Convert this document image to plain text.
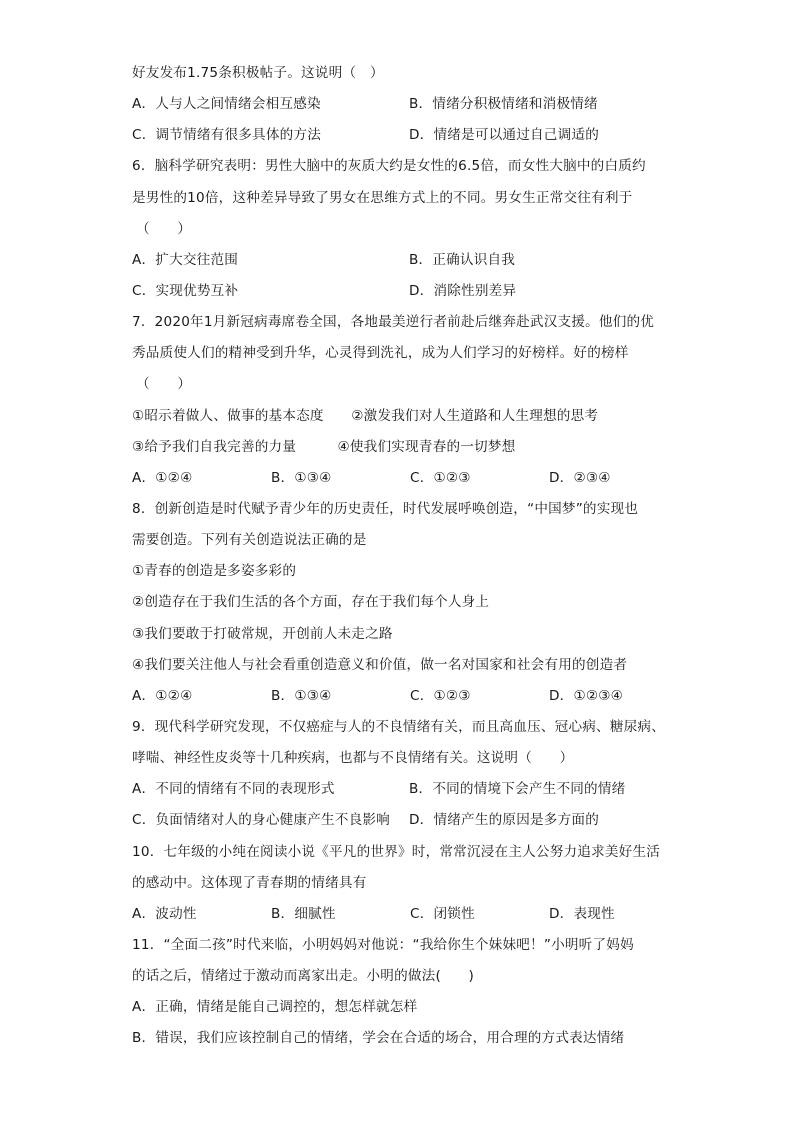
好友发布1.75条积极帖子。这说明（　）
A．人与人之间情绪会相互感染	B．情绪分积极情绪和消极情绪
C．调节情绪有很多具体的方法	D．情绪是可以通过自己调适的
6．脑科学研究表明：男性大脑中的灰质大约是女性的6.5倍，而女性大脑中的白质约
是男性的10倍，这种差异导致了男女在思维方式上的不同。男女生正常交往有利于
（　　）
A．扩大交往范围	B．正确认识自我
C．实现优势互补	D．消除性别差异
7．2020年1月新冠病毒席卷全国，各地最美逆行者前赴后继奔赴武汉支援。他们的优
秀品质使人们的精神受到升华，心灵得到洗礼，成为人们学习的好榜样。好的榜样
（　　）
①昭示着做人、做事的基本态度　　②激发我们对人生道路和人生理想的思考
③给予我们自我完善的力量　　　④使我们实现青春的一切梦想
A．①②④	B．①③④	C．①②③	D．②③④
8．创新创造是时代赋予青少年的历史责任，时代发展呼唤创造，“中国梦”的实现也
需要创造。下列有关创造说法正确的是
①青春的创造是多姿多彩的
②创造存在于我们生活的各个方面，存在于我们每个人身上
③我们要敢于打破常规，开创前人未走之路
④我们要关注他人与社会看重创造意义和价值，做一名对国家和社会有用的创造者
A．①②④	B．①③④	C．①②③	D．①②③④
9．现代科学研究发现，不仅癌症与人的不良情绪有关，而且高血压、冠心病、糖尿病、
哮喘、神经性皮炎等十几种疾病，也都与不良情绪有关。这说明（　　）
A．不同的情绪有不同的表现形式	B．不同的情境下会产生不同的情绪
C．负面情绪对人的身心健康产生不良影响	D．情绪产生的原因是多方面的
10．七年级的小纯在阅读小说《平凡的世界》时，常常沉浸在主人公努力追求美好生活
的感动中。这体现了青春期的情绪具有
A．波动性	B．细腻性	C．闭锁性	D．表现性
11．“全面二孩”时代来临，小明妈妈对他说：“我给你生个妹妹吧！”小明听了妈妈
的话之后，情绪过于激动而离家出走。小明的做法(　　)
A．正确，情绪是能自己调控的，想怎样就怎样
B．错误，我们应该控制自己的情绪，学会在合适的场合，用合理的方式表达情绪
